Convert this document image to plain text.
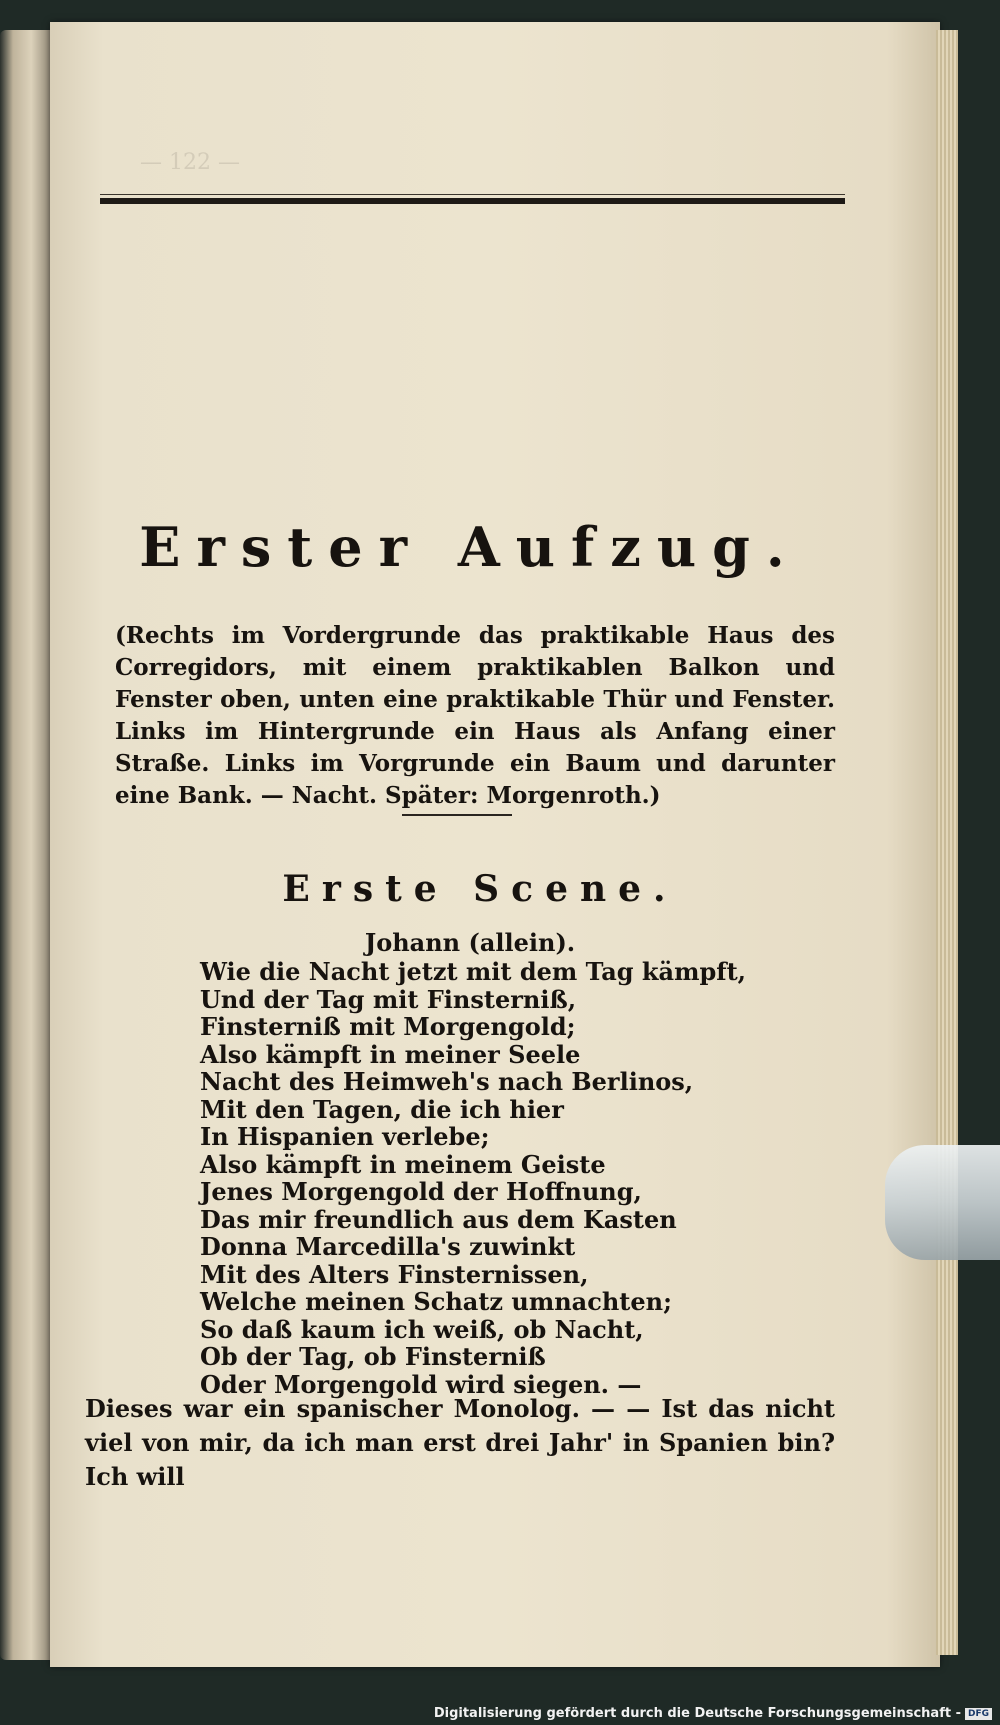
— 122 —
Erster Aufzug.

(Rechts im Vordergrunde das praktikable Haus des Corregidors, mit einem praktikablen Balkon und Fenster oben, unten eine praktikable Thür und Fenster. Links im Hintergrunde ein Haus als Anfang einer Straße. Links im Vorgrunde ein Baum und darunter eine Bank. — Nacht. Später: Morgenroth.)

Erste Scene.

Johann (allein).

Wie die Nacht jetzt mit dem Tag kämpft,
Und der Tag mit Finsterniß,
Finsterniß mit Morgengold;
Also kämpft in meiner Seele
Nacht des Heimweh's nach Berlinos,
Mit den Tagen, die ich hier
In Hispanien verlebe;
Also kämpft in meinem Geiste
Jenes Morgengold der Hoffnung,
Das mir freundlich aus dem Kasten
Donna Marcedilla's zuwinkt
Mit des Alters Finsternissen,
Welche meinen Schatz umnachten;
So daß kaum ich weiß, ob Nacht,
Ob der Tag, ob Finsterniß
Oder Morgengold wird siegen. —

Dieses war ein spanischer Monolog. — — Ist das nicht viel von mir, da ich man erst drei Jahr' in Spanien bin? Ich will

Digitalisierung gefördert durch die Deutsche Forschungsgemeinschaft - DFG
